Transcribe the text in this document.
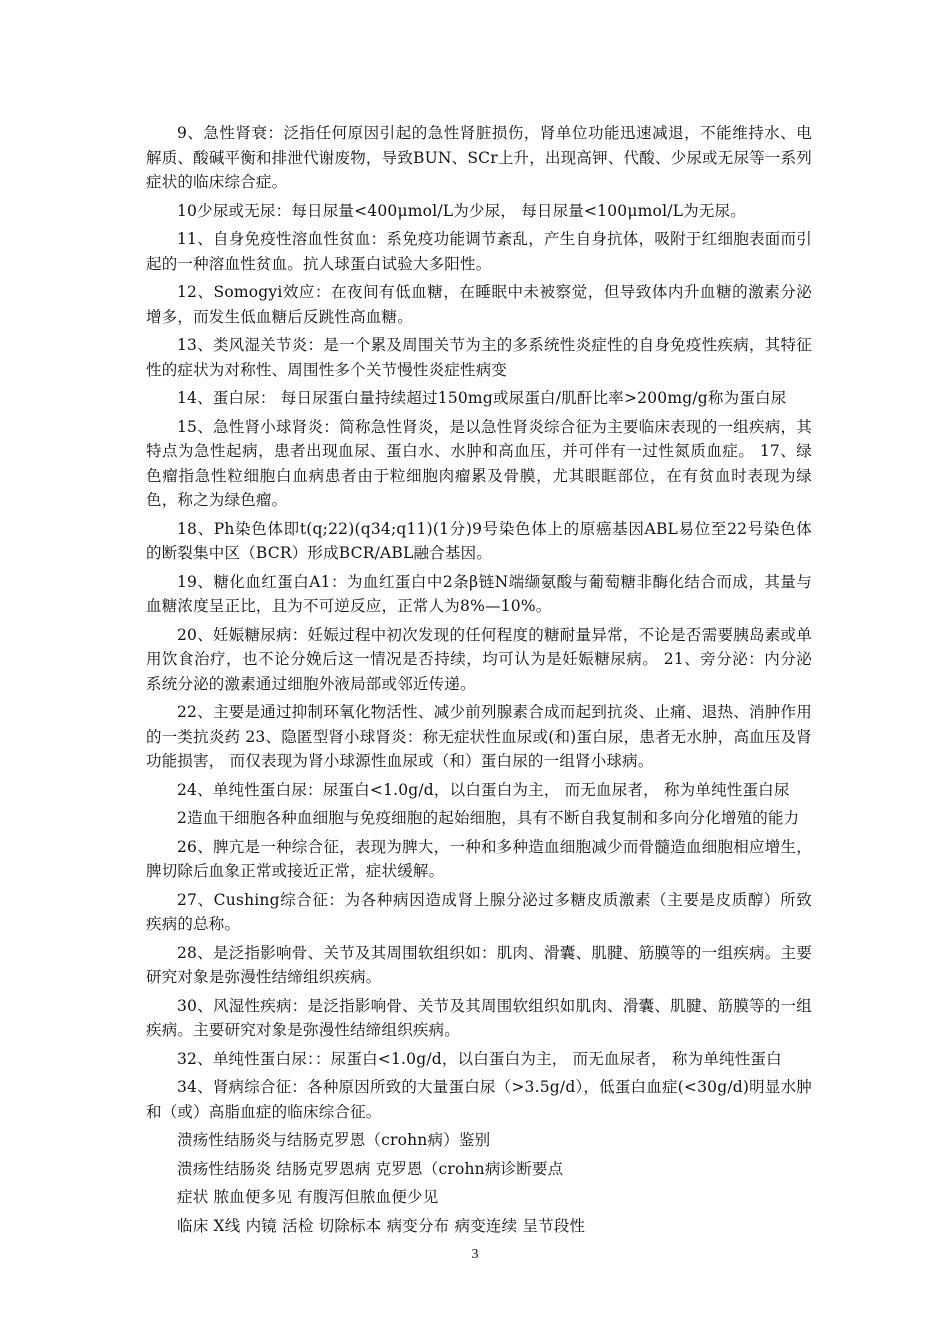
9、急性肾衰：泛指任何原因引起的急性肾脏损伤，肾单位功能迅速减退，不能维持水、电解质、酸碱平衡和排泄代谢废物，导致BUN、SCr上升，出现高钾、代酸、少尿或无尿等一系列症状的临床综合症。

10少尿或无尿：每日尿量<400μmol/L为少尿， 每日尿量<100μmol/L为无尿。

11、自身免疫性溶血性贫血：系免疫功能调节紊乱，产生自身抗体，吸附于红细胞表面而引起的一种溶血性贫血。抗人球蛋白试验大多阳性。

12、Somogyi效应：在夜间有低血糖，在睡眠中未被察觉，但导致体内升血糖的激素分泌增多，而发生低血糖后反跳性高血糖。

13、类风湿关节炎：是一个累及周围关节为主的多系统性炎症性的自身免疫性疾病，其特征性的症状为对称性、周围性多个关节慢性炎症性病变

14、蛋白尿： 每日尿蛋白量持续超过150mg或尿蛋白/肌酐比率>200mg/g称为蛋白尿

15、急性肾小球肾炎：简称急性肾炎，是以急性肾炎综合征为主要临床表现的一组疾病，其特点为急性起病，患者出现血尿、蛋白水、水肿和高血压，并可伴有一过性氮质血症。 17、绿色瘤指急性粒细胞白血病患者由于粒细胞肉瘤累及骨膜，尤其眼眶部位，在有贫血时表现为绿色，称之为绿色瘤。

18、Ph染色体即t(q;22)(q34;q11)(1分)9号染色体上的原癌基因ABL易位至22号染色体的断裂集中区（BCR）形成BCR/ABL融合基因。

19、糖化血红蛋白A1：为血红蛋白中2条β链N端缬氨酸与葡萄糖非酶化结合而成，其量与血糖浓度呈正比，且为不可逆反应，正常人为8%—10%。

20、妊娠糖尿病：妊娠过程中初次发现的任何程度的糖耐量异常，不论是否需要胰岛素或单用饮食治疗，也不论分娩后这一情况是否持续，均可认为是妊娠糖尿病。 21、旁分泌：内分泌系统分泌的激素通过细胞外液局部或邻近传递。

22、主要是通过抑制环氧化物活性、减少前列腺素合成而起到抗炎、止痛、退热、消肿作用的一类抗炎药 23、隐匿型肾小球肾炎：称无症状性血尿或(和)蛋白尿，患者无水肿，高血压及肾功能损害， 而仅表现为肾小球源性血尿或（和）蛋白尿的一组肾小球病。

24、单纯性蛋白尿：尿蛋白<1.0g/d，以白蛋白为主， 而无血尿者， 称为单纯性蛋白尿

2造血干细胞各种血细胞与免疫细胞的起始细胞，具有不断自我复制和多向分化增殖的能力

26、脾亢是一种综合征，表现为脾大，一种和多种造血细胞减少而骨髓造血细胞相应增生，脾切除后血象正常或接近正常，症状缓解。

27、Cushing综合征：为各种病因造成肾上腺分泌过多糖皮质激素（主要是皮质醇）所致疾病的总称。

28、是泛指影响骨、关节及其周围软组织如：肌肉、滑囊、肌腱、筋膜等的一组疾病。主要研究对象是弥漫性结缔组织疾病。

30、风湿性疾病：是泛指影响骨、关节及其周围软组织如肌肉、滑囊、肌腱、筋膜等的一组疾病。主要研究对象是弥漫性结缔组织疾病。

32、单纯性蛋白尿：：尿蛋白<1.0g/d，以白蛋白为主， 而无血尿者， 称为单纯性蛋白

34、肾病综合征：各种原因所致的大量蛋白尿（>3.5g/d），低蛋白血症(<30g/d)明显水肿和（或）高脂血症的临床综合征。

溃疡性结肠炎与结肠克罗恩（crohn病）鉴别

溃疡性结肠炎 结肠克罗恩病 克罗恩（crohn病诊断要点

症状 脓血便多见 有腹泻但脓血便少见

临床 X线 内镜 活检 切除标本 病变分布 病变连续 呈节段性

3
